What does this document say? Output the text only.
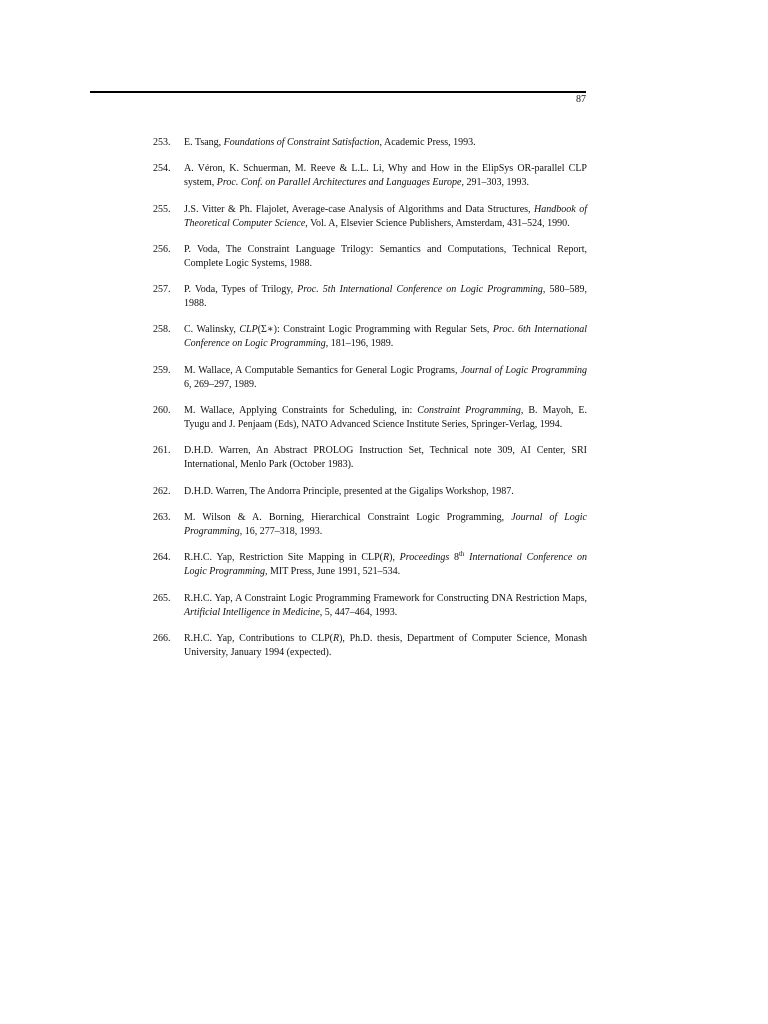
87
253.	E. Tsang, Foundations of Constraint Satisfaction, Academic Press, 1993.
254.	A. Véron, K. Schuerman, M. Reeve & L.L. Li, Why and How in the ElipSys OR-parallel CLP system, Proc. Conf. on Parallel Architectures and Languages Europe, 291–303, 1993.
255.	J.S. Vitter & Ph. Flajolet, Average-case Analysis of Algorithms and Data Structures, Handbook of Theoretical Computer Science, Vol. A, Elsevier Science Publishers, Amsterdam, 431–524, 1990.
256.	P. Voda, The Constraint Language Trilogy: Semantics and Computations, Technical Report, Complete Logic Systems, 1988.
257.	P. Voda, Types of Trilogy, Proc. 5th International Conference on Logic Programming, 580–589, 1988.
258.	C. Walinsky, CLP(Σ∗): Constraint Logic Programming with Regular Sets, Proc. 6th International Conference on Logic Programming, 181–196, 1989.
259.	M. Wallace, A Computable Semantics for General Logic Programs, Journal of Logic Programming 6, 269–297, 1989.
260.	M. Wallace, Applying Constraints for Scheduling, in: Constraint Programming, B. Mayoh, E. Tyugu and J. Penjaam (Eds), NATO Advanced Science Institute Series, Springer-Verlag, 1994.
261.	D.H.D. Warren, An Abstract PROLOG Instruction Set, Technical note 309, AI Center, SRI International, Menlo Park (October 1983).
262.	D.H.D. Warren, The Andorra Principle, presented at the Gigalips Workshop, 1987.
263.	M. Wilson & A. Borning, Hierarchical Constraint Logic Programming, Journal of Logic Programming, 16, 277–318, 1993.
264.	R.H.C. Yap, Restriction Site Mapping in CLP(R), Proceedings 8th International Conference on Logic Programming, MIT Press, June 1991, 521–534.
265.	R.H.C. Yap, A Constraint Logic Programming Framework for Constructing DNA Restriction Maps, Artificial Intelligence in Medicine, 5, 447–464, 1993.
266.	R.H.C. Yap, Contributions to CLP(R), Ph.D. thesis, Department of Computer Science, Monash University, January 1994 (expected).
